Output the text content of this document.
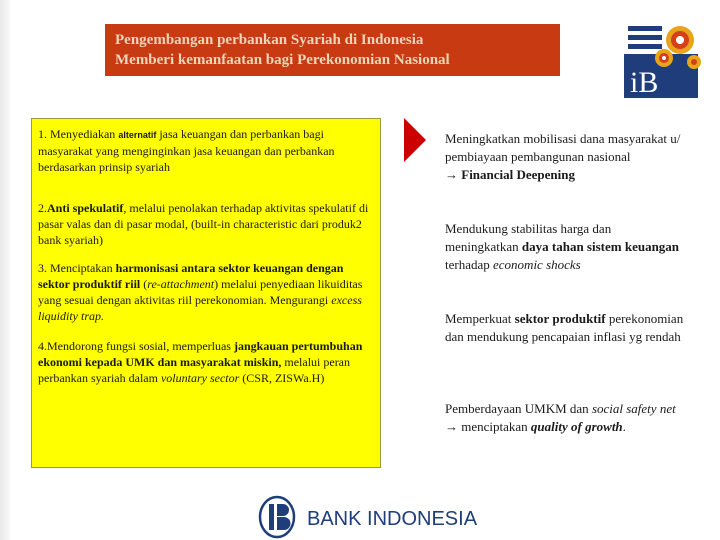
Pengembangan perbankan Syariah di Indonesia
Memberi kemanfaatan bagi Perekonomian Nasional
iB

1. Menyediakan alternatif jasa keuangan dan perbankan bagi masyarakat yang menginginkan jasa keuangan dan perbankan berdasarkan prinsip syariah

2.Anti spekulatif, melalui penolakan terhadap aktivitas spekulatif di pasar valas dan di pasar modal, (built-in characteristic dari produk2 bank syariah)

3. Menciptakan harmonisasi antara sektor keuangan dengan sektor produktif riil (re-attachment) melalui penyediaan likuiditas yang sesuai dengan aktivitas riil perekonomian. Mengurangi excess liquidity trap.

4.Mendorong fungsi sosial, memperluas jangkauan pertumbuhan ekonomi kepada UMK dan masyarakat miskin, melalui peran perbankan syariah dalam voluntary sector (CSR, ZISWa.H)

Meningkatkan mobilisasi dana masyarakat u/ pembiayaan pembangunan nasional
→ Financial Deepening

Mendukung stabilitas harga dan meningkatkan daya tahan sistem keuangan terhadap economic shocks

Memperkuat sektor produktif perekonomian dan mendukung pencapaian inflasi yg rendah

Pemberdayaan UMKM dan social safety net → menciptakan quality of growth.

BANK INDONESIA
